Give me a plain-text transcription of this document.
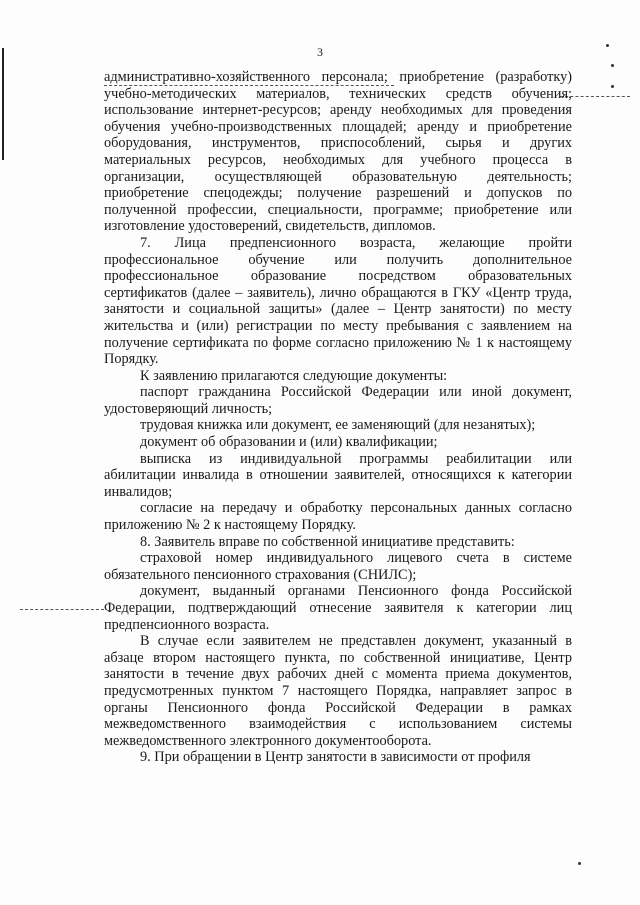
3

административно-хозяйственного персонала; приобретение (разработку) учебно-методических материалов, технических средств обучения; использование интернет-ресурсов; аренду необходимых для проведения обучения учебно-производственных площадей; аренду и приобретение оборудования, инструментов, приспособлений, сырья и других материальных ресурсов, необходимых для учебного процесса в организации, осуществляющей образовательную деятельность; приобретение спецодежды; получение разрешений и допусков по полученной профессии, специальности, программе; приобретение или изготовление удостоверений, свидетельств, дипломов.

7. Лица предпенсионного возраста, желающие пройти профессиональное обучение или получить дополнительное профессиональное образование посредством образовательных сертификатов (далее – заявитель), лично обращаются в ГКУ «Центр труда, занятости и социальной защиты» (далее – Центр занятости) по месту жительства и (или) регистрации по месту пребывания с заявлением на получение сертификата по форме согласно приложению № 1 к настоящему Порядку.

К заявлению прилагаются следующие документы:

паспорт гражданина Российской Федерации или иной документ, удостоверяющий личность;

трудовая книжка или документ, ее заменяющий (для незанятых);

документ об образовании и (или) квалификации;

выписка из индивидуальной программы реабилитации или абилитации инвалида в отношении заявителей, относящихся к категории инвалидов;

согласие на передачу и обработку персональных данных согласно приложению № 2 к настоящему Порядку.

8. Заявитель вправе по собственной инициативе представить:

страховой номер индивидуального лицевого счета в системе обязательного пенсионного страхования (СНИЛС);

документ, выданный органами Пенсионного фонда Российской Федерации, подтверждающий отнесение заявителя к категории лиц предпенсионного возраста.

В случае если заявителем не представлен документ, указанный в абзаце втором настоящего пункта, по собственной инициативе, Центр занятости в течение двух рабочих дней с момента приема документов, предусмотренных пунктом 7 настоящего Порядка, направляет запрос в органы Пенсионного фонда Российской Федерации в рамках межведомственного взаимодействия с использованием системы межведомственного электронного документооборота.

9. При обращении в Центр занятости в зависимости от профиля
